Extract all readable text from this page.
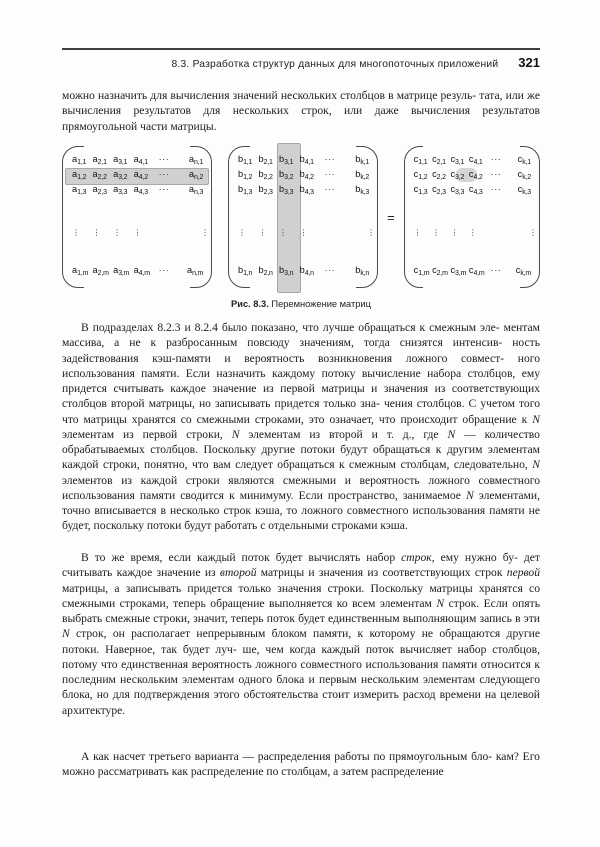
8.3. Разработка структур данных для многопоточных приложений 321

можно назначить для вычисления значений нескольких столбцов в матрице резуль- тата, или же вычисления результатов для нескольких строк, или даже вычисления результатов прямоугольной части матрицы.

$a_{1,1}$ $a_{2,1}$ $a_{3,1}$ $a_{4,1}$	···	$a_{n,1}$
$a_{1,2}$ $a_{2,2}$ $a_{3,2}$ $a_{4,2}$	···	$a_{n,2}$
$a_{1,3}$ $a_{2,3}$ $a_{3,3}$ $a_{4,3}$	···	$a_{n,3}$
⋮	⋮	⋮	⋮	⋮
$a_{1,m}$ $a_{2,m}$ $a_{3,m}$ $a_{4,m}$ ···	$a_{n,m}$
$b_{1,1}$ $b_{2,1}$ $b_{3,1}$ $b_{4,1}$	···	$b_{k,1}$
$b_{1,2}$ $b_{2,2}$ $b_{3,2}$ $b_{4,2}$	···	$b_{k,2}$
$b_{1,3}$ $b_{2,3}$ $b_{3,3}$ $b_{4,3}$	···	$b_{k,3}$
⋮	⋮	⋮	⋮	⋮
$b_{1,n}$ $b_{2,n}$ $b_{3,n}$ $b_{4,n}$	···	$b_{k,n}$
=
$c_{1,1}$ $c_{2,1}$ $c_{3,1}$ $c_{4,1}$ ···	$c_{k,1}$
$c_{1,2}$ $c_{2,2}$ $c_{3,2}$ $c_{4,2}$ ···	$c_{k,2}$
$c_{1,3}$ $c_{2,3}$ $c_{3,3}$ $c_{4,3}$ ···	$c_{k,3}$
⋮	⋮	⋮	⋮	⋮
$c_{1,m}$ $c_{2,m}$ $c_{3,m}$ $c_{4,m}$ ···	$c_{k,m}$
Рис. 8.3. Перемножение матриц

В подразделах 8.2.3 и 8.2.4 было показано, что лучше обращаться к смежным эле- ментам массива, а не к разбросанным повсюду значениям, тогда снизятся интенсив- ность задействования кэш-памяти и вероятность возникновения ложного совмест- ного использования памяти. Если назначить каждому потоку вычисление набора столбцов, ему придется считывать каждое значение из первой матрицы и значения из соответствующих столбцов второй матрицы, но записывать придется только зна- чения столбцов. С учетом того что матрицы хранятся со смежными строками, это означает, что происходит обращение к N элементам из первой строки, N элементам из второй и т. д., где N — количество обрабатываемых столбцов. Поскольку другие потоки будут обращаться к другим элементам каждой строки, понятно, что вам следует обращаться к смежным столбцам, следовательно, N элементов из каждой строки являются смежными и вероятность ложного совместного использования памяти сводится к минимуму. Если пространство, занимаемое N элементами, точно вписывается в несколько строк кэша, то ложного совместного использования памяти не будет, поскольку потоки будут работать с отдельными строками кэша.

В то же время, если каждый поток будет вычислять набор строк, ему нужно бу- дет считывать каждое значение из второй матрицы и значения из соответствующих строк первой матрицы, а записывать придется только значения строки. Поскольку матрицы хранятся со смежными строками, теперь обращение выполняется ко всем элементам N строк. Если опять выбрать смежные строки, значит, теперь поток будет единственным выполняющим запись в эти N строк, он располагает непрерывным блоком памяти, к которому не обращаются другие потоки. Наверное, так будет луч- ше, чем когда каждый поток вычисляет набор столбцов, потому что единственная вероятность ложного совместного использования памяти относится к последним нескольким элементам одного блока и первым нескольким элементам следующего блока, но для подтверждения этого обстоятельства стоит измерить расход времени на целевой архитектуре.

А как насчет третьего варианта — распределения работы по прямоугольным бло- кам? Его можно рассматривать как распределение по столбцам, а затем распределение
